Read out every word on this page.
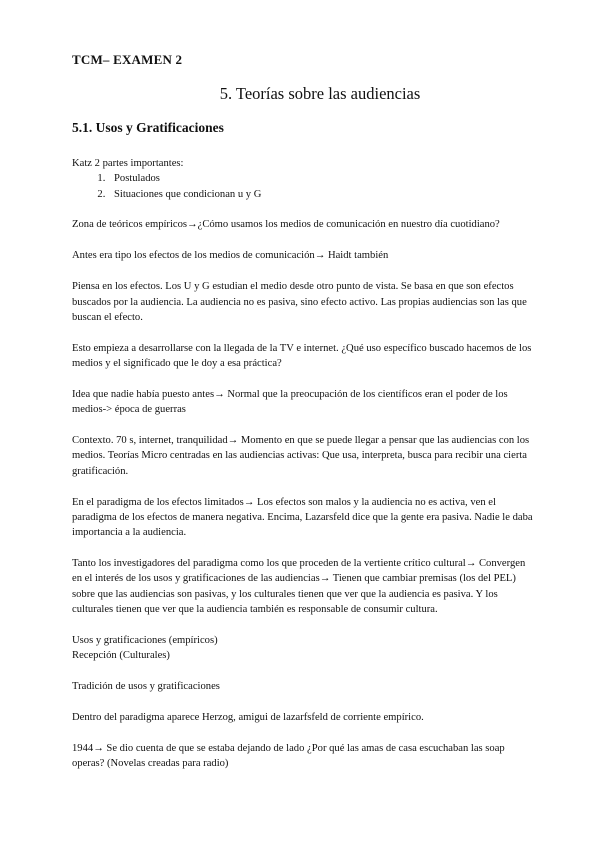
TCM– EXAMEN 2
5. Teorías sobre las audiencias
5.1. Usos y Gratificaciones

Katz 2 partes importantes:

1. Postulados
2. Situaciones que condicionan u y G

Zona de teóricos empíricos→¿Cómo usamos los medios de comunicación en nuestro día cuotidiano?

Antes era tipo los efectos de los medios de comunicación→ Haidt también

Piensa en los efectos. Los U y G estudian el medio desde otro punto de vista. Se basa en que son efectos buscados por la audiencia. La audiencia no es pasiva, sino efecto activo. Las propias audiencias son las que buscan el efecto.

Esto empieza a desarrollarse con la llegada de la TV e internet. ¿Qué uso específico buscado hacemos de los medios y el significado que le doy a esa práctica?

Idea que nadie había puesto antes→ Normal que la preocupación de los científicos eran el poder de los medios-> época de guerras

Contexto. 70 s, internet, tranquilidad→ Momento en que se puede llegar a pensar que las audiencias con los medios. Teorías Micro centradas en las audiencias activas: Que usa, interpreta, busca para recibir una cierta gratificación.

En el paradigma de los efectos limitados→ Los efectos son malos y la audiencia no es activa, ven el paradigma de los efectos de manera negativa. Encima, Lazarsfeld dice que la gente era pasiva. Nadie le daba importancia a la audiencia.

Tanto los investigadores del paradigma como los que proceden de la vertiente crítico cultural→ Convergen en el interés de los usos y gratificaciones de las audiencias→ Tienen que cambiar premisas (los del PEL) sobre que las audiencias son pasivas, y los culturales tienen que ver que la audiencia es pasiva. Y los culturales tienen que ver que la audiencia también es responsable de consumir cultura.

Usos y gratificaciones (empíricos)

Recepción (Culturales)

Tradición de usos y gratificaciones

Dentro del paradigma aparece Herzog, amigui de lazarfsfeld de corriente empírico.

1944→ Se dio cuenta de que se estaba dejando de lado ¿Por qué las amas de casa escuchaban las soap operas? (Novelas creadas para radio)
